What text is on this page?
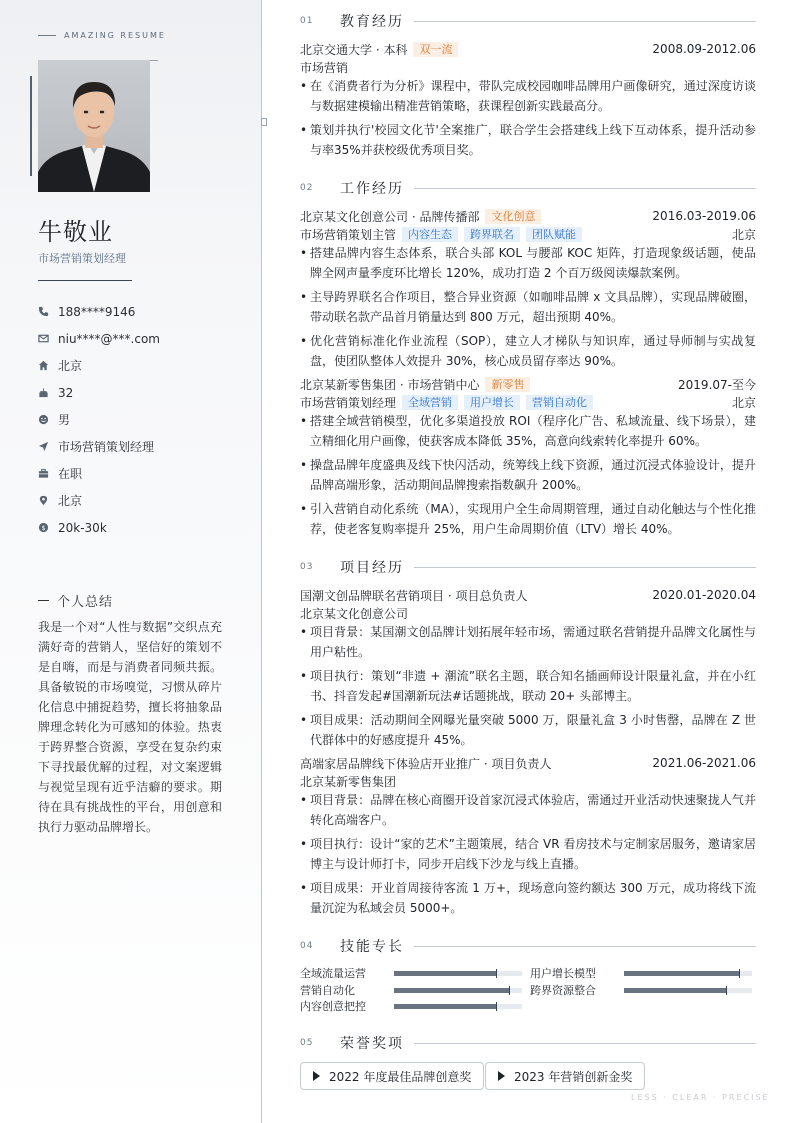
AMAZING RESUME
牛敬业
市场营销策划经理
188****9146
niu****@***.com
北京
32
男
市场营销策划经理
在职
北京
$ 20k-30k
个人总结
我是一个对“人性与数据”交织点充满好奇的营销人，坚信好的策划不是自嗨，而是与消费者同频共振。具备敏锐的市场嗅觉，习惯从碎片化信息中捕捉趋势，擅长将抽象品牌理念转化为可感知的体验。热衷于跨界整合资源，享受在复杂约束下寻找最优解的过程，对文案逻辑与视觉呈现有近乎洁癖的要求。期待在具有挑战性的平台，用创意和执行力驱动品牌增长。
01	教育经历
北京交通大学 · 本科	双一流	2008.09-2012.06
市场营销
• 在《消费者行为分析》课程中，带队完成校园咖啡品牌用户画像研究，通过深度访谈与数据建模输出精准营销策略，获课程创新实践最高分。
• 策划并执行'校园文化节'全案推广，联合学生会搭建线上线下互动体系，提升活动参与率35%并获校级优秀项目奖。
02	工作经历
北京某文化创意公司 · 品牌传播部	文化创意	2016.03-2019.06
市场营销策划主管	内容生态	跨界联名	团队赋能	北京
• 搭建品牌内容生态体系，联合头部 KOL 与腰部 KOC 矩阵，打造现象级话题，使品牌全网声量季度环比增长 120%，成功打造 2 个百万级阅读爆款案例。
• 主导跨界联名合作项目，整合异业资源（如咖啡品牌 x 文具品牌），实现品牌破圈，带动联名款产品首月销量达到 800 万元，超出预期 40%。
• 优化营销标准化作业流程（SOP），建立人才梯队与知识库，通过导师制与实战复盘，使团队整体人效提升 30%，核心成员留存率达 90%。
北京某新零售集团 · 市场营销中心	新零售	2019.07-至今
市场营销策划经理	全域营销	用户增长	营销自动化	北京
• 搭建全域营销模型，优化多渠道投放 ROI（程序化广告、私域流量、线下场景），建立精细化用户画像，使获客成本降低 35%，高意向线索转化率提升 60%。
• 操盘品牌年度盛典及线下快闪活动，统筹线上线下资源，通过沉浸式体验设计，提升品牌高端形象，活动期间品牌搜索指数飙升 200%。
• 引入营销自动化系统（MA），实现用户全生命周期管理，通过自动化触达与个性化推荐，使老客复购率提升 25%，用户生命周期价值（LTV）增长 40%。
03	项目经历
国潮文创品牌联名营销项目 · 项目总负责人	2020.01-2020.04
北京某文化创意公司
• 项目背景：某国潮文创品牌计划拓展年轻市场，需通过联名营销提升品牌文化属性与用户粘性。
• 项目执行：策划“非遗 + 潮流”联名主题，联合知名插画师设计限量礼盒，并在小红书、抖音发起#国潮新玩法#话题挑战，联动 20+ 头部博主。
• 项目成果：活动期间全网曝光量突破 5000 万，限量礼盒 3 小时售罄，品牌在 Z 世代群体中的好感度提升 45%。
高端家居品牌线下体验店开业推广 · 项目负责人	2021.06-2021.06
北京某新零售集团
• 项目背景：品牌在核心商圈开设首家沉浸式体验店，需通过开业活动快速聚拢人气并转化高端客户。
• 项目执行：设计“家的艺术”主题策展，结合 VR 看房技术与定制家居服务，邀请家居博主与设计师打卡，同步开启线下沙龙与线上直播。
• 项目成果：开业首周接待客流 1 万+，现场意向签约额达 300 万元，成功将线下流量沉淀为私域会员 5000+。
04	技能专长
全域流量运营	用户增长模型
营销自动化	跨界资源整合
内容创意把控
05	荣誉奖项
2022 年度最佳品牌创意奖	2023 年营销创新金奖
LESS · CLEAR · PRECISE
